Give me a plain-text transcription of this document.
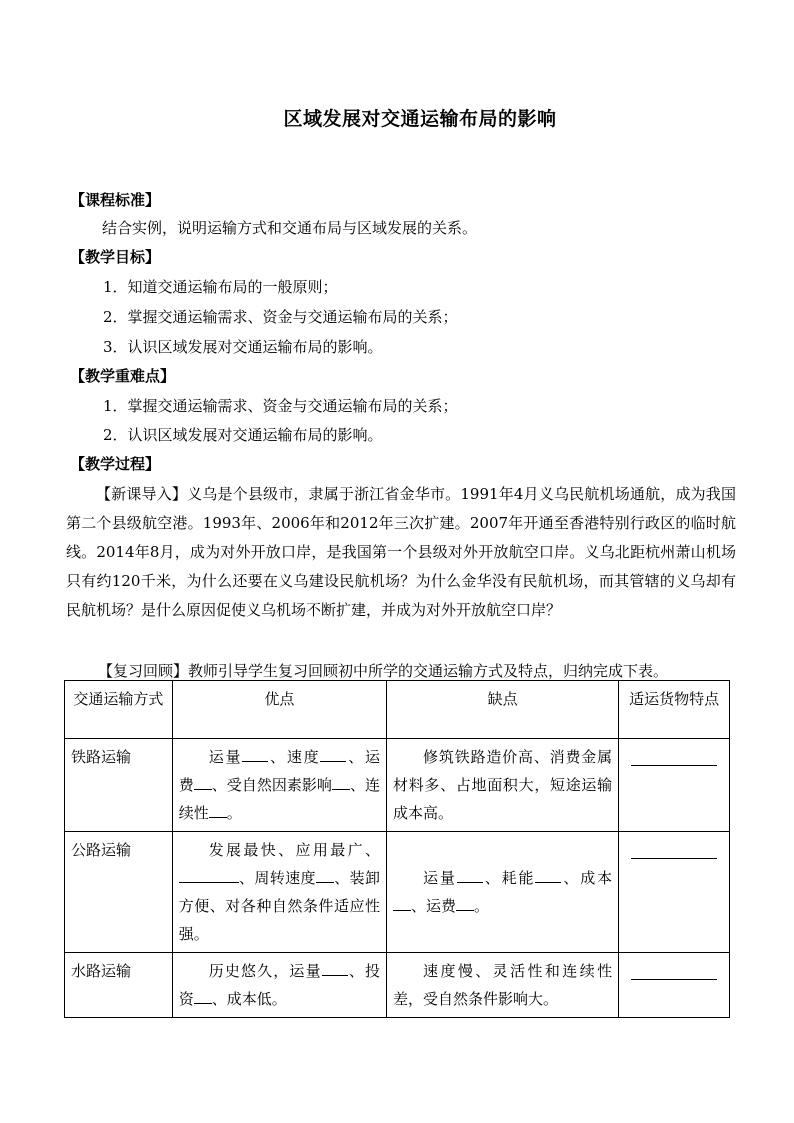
区域发展对交通运输布局的影响
【课程标准】
结合实例，说明运输方式和交通布局与区域发展的关系。
【教学目标】
1．知道交通运输布局的一般原则；
2．掌握交通运输需求、资金与交通运输布局的关系；
3．认识区域发展对交通运输布局的影响。
【教学重难点】
1．掌握交通运输需求、资金与交通运输布局的关系；
2．认识区域发展对交通运输布局的影响。
【教学过程】
【新课导入】义乌是个县级市，隶属于浙江省金华市。1991年4月义乌民航机场通航，成为我国第二个县级航空港。1993年、2006年和2012年三次扩建。2007年开通至香港特别行政区的临时航线。2014年8月，成为对外开放口岸，是我国第一个县级对外开放航空口岸。义乌北距杭州萧山机场只有约120千米，为什么还要在义乌建设民航机场？为什么金华没有民航机场，而其管辖的义乌却有民航机场？是什么原因促使义乌机场不断扩建，并成为对外开放航空口岸？
【复习回顾】教师引导学生复习回顾初中所学的交通运输方式及特点，归纳完成下表。
交通运输方式	优点	缺点	适运货物特点
铁路运输	运量 、速度 、运费 、受自然因素影响 、连续性 。	修筑铁路造价高、消费金属材料多、占地面积大，短途运输成本高。	

公路运输	发展最快、应用最广、、周转速度 、装卸方便、对各种自然条件适应性强。	运量 、耗能 、成本、运费 。	

水路运输	历史悠久，运量 、投资 、成本低。	速度慢、灵活性和连续性差，受自然条件影响大。	
